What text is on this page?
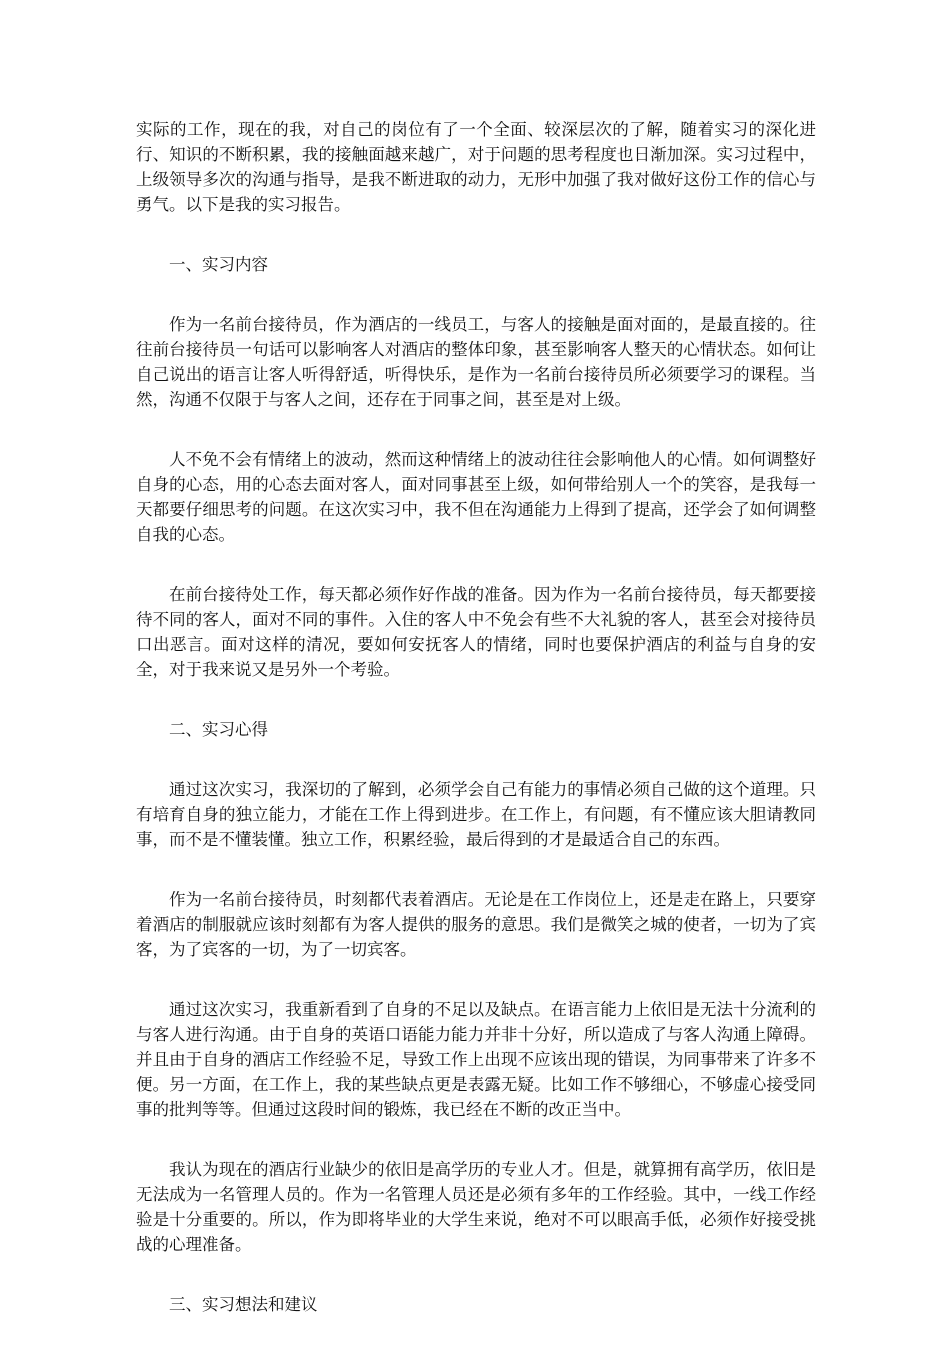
实际的工作，现在的我，对自己的岗位有了一个全面、较深层次的了解，随着实习的深化进行、知识的不断积累，我的接触面越来越广，对于问题的思考程度也日渐加深。实习过程中，上级领导多次的沟通与指导，是我不断进取的动力，无形中加强了我对做好这份工作的信心与勇气。以下是我的实习报告。

一、实习内容

作为一名前台接待员，作为酒店的一线员工，与客人的接触是面对面的，是最直接的。往往前台接待员一句话可以影响客人对酒店的整体印象，甚至影响客人整天的心情状态。如何让自己说出的语言让客人听得舒适，听得快乐，是作为一名前台接待员所必须要学习的课程。当然，沟通不仅限于与客人之间，还存在于同事之间，甚至是对上级。

人不免不会有情绪上的波动，然而这种情绪上的波动往往会影响他人的心情。如何调整好自身的心态，用的心态去面对客人，面对同事甚至上级，如何带给别人一个的笑容，是我每一天都要仔细思考的问题。在这次实习中，我不但在沟通能力上得到了提高，还学会了如何调整自我的心态。

在前台接待处工作，每天都必须作好作战的准备。因为作为一名前台接待员，每天都要接待不同的客人，面对不同的事件。入住的客人中不免会有些不大礼貌的客人，甚至会对接待员口出恶言。面对这样的清况，要如何安抚客人的情绪，同时也要保护酒店的利益与自身的安全，对于我来说又是另外一个考验。

二、实习心得

通过这次实习，我深切的了解到，必须学会自己有能力的事情必须自己做的这个道理。只有培育自身的独立能力，才能在工作上得到进步。在工作上，有问题，有不懂应该大胆请教同事，而不是不懂装懂。独立工作，积累经验，最后得到的才是最适合自己的东西。

作为一名前台接待员，时刻都代表着酒店。无论是在工作岗位上，还是走在路上，只要穿着酒店的制服就应该时刻都有为客人提供的服务的意思。我们是微笑之城的使者，一切为了宾客，为了宾客的一切，为了一切宾客。

通过这次实习，我重新看到了自身的不足以及缺点。在语言能力上依旧是无法十分流利的与客人进行沟通。由于自身的英语口语能力能力并非十分好，所以造成了与客人沟通上障碍。并且由于自身的酒店工作经验不足，导致工作上出现不应该出现的错误，为同事带来了许多不便。另一方面，在工作上，我的某些缺点更是表露无疑。比如工作不够细心，不够虚心接受同事的批判等等。但通过这段时间的锻炼，我已经在不断的改正当中。

我认为现在的酒店行业缺少的依旧是高学历的专业人才。但是，就算拥有高学历，依旧是无法成为一名管理人员的。作为一名管理人员还是必须有多年的工作经验。其中，一线工作经验是十分重要的。所以，作为即将毕业的大学生来说，绝对不可以眼高手低，必须作好接受挑战的心理准备。

三、实习想法和建议
